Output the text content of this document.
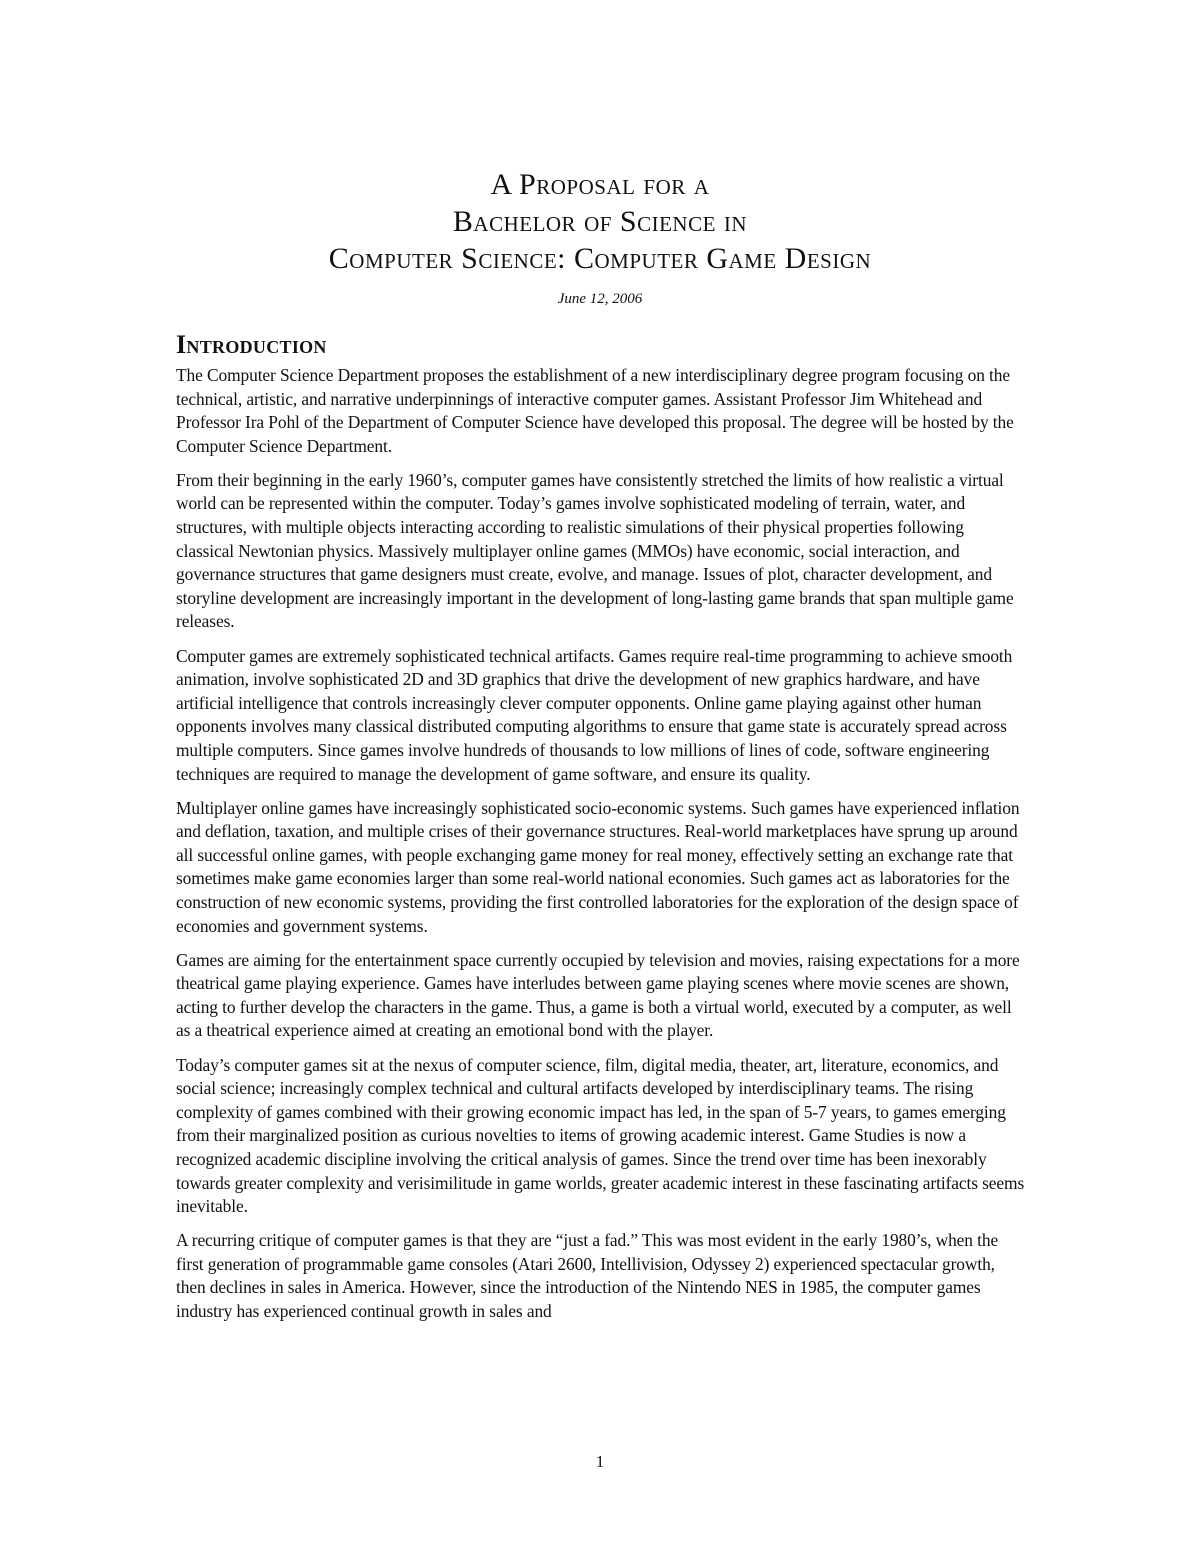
A Proposal for a
Bachelor of Science in
Computer Science: Computer Game Design
June 12, 2006
Introduction

The Computer Science Department proposes the establishment of a new interdisciplinary degree program focusing on the technical, artistic, and narrative underpinnings of interactive computer games. Assistant Professor Jim Whitehead and Professor Ira Pohl of the Department of Computer Science have developed this proposal. The degree will be hosted by the Computer Science Department.

From their beginning in the early 1960’s, computer games have consistently stretched the limits of how realistic a virtual world can be represented within the computer. Today’s games involve sophisticated modeling of terrain, water, and structures, with multiple objects interacting according to realistic simulations of their physical properties following classical Newtonian physics. Massively multiplayer online games (MMOs) have economic, social interaction, and governance structures that game designers must create, evolve, and manage. Issues of plot, character development, and storyline development are increasingly important in the development of long-lasting game brands that span multiple game releases.

Computer games are extremely sophisticated technical artifacts. Games require real-time programming to achieve smooth animation, involve sophisticated 2D and 3D graphics that drive the development of new graphics hardware, and have artificial intelligence that controls increasingly clever computer opponents. Online game playing against other human opponents involves many classical distributed computing algorithms to ensure that game state is accurately spread across multiple computers. Since games involve hundreds of thousands to low millions of lines of code, software engineering techniques are required to manage the development of game software, and ensure its quality.

Multiplayer online games have increasingly sophisticated socio-economic systems. Such games have experienced inflation and deflation, taxation, and multiple crises of their governance structures. Real-world marketplaces have sprung up around all successful online games, with people exchanging game money for real money, effectively setting an exchange rate that sometimes make game economies larger than some real-world national economies. Such games act as laboratories for the construction of new economic systems, providing the first controlled laboratories for the exploration of the design space of economies and government systems.

Games are aiming for the entertainment space currently occupied by television and movies, raising expectations for a more theatrical game playing experience. Games have interludes between game playing scenes where movie scenes are shown, acting to further develop the characters in the game. Thus, a game is both a virtual world, executed by a computer, as well as a theatrical experience aimed at creating an emotional bond with the player.

Today’s computer games sit at the nexus of computer science, film, digital media, theater, art, literature, economics, and social science; increasingly complex technical and cultural artifacts developed by interdisciplinary teams. The rising complexity of games combined with their growing economic impact has led, in the span of 5-7 years, to games emerging from their marginalized position as curious novelties to items of growing academic interest. Game Studies is now a recognized academic discipline involving the critical analysis of games. Since the trend over time has been inexorably towards greater complexity and verisimilitude in game worlds, greater academic interest in these fascinating artifacts seems inevitable.

A recurring critique of computer games is that they are “just a fad.” This was most evident in the early 1980’s, when the first generation of programmable game consoles (Atari 2600, Intellivision, Odyssey 2) experienced spectacular growth, then declines in sales in America. However, since the introduction of the Nintendo NES in 1985, the computer games industry has experienced continual growth in sales and

1
